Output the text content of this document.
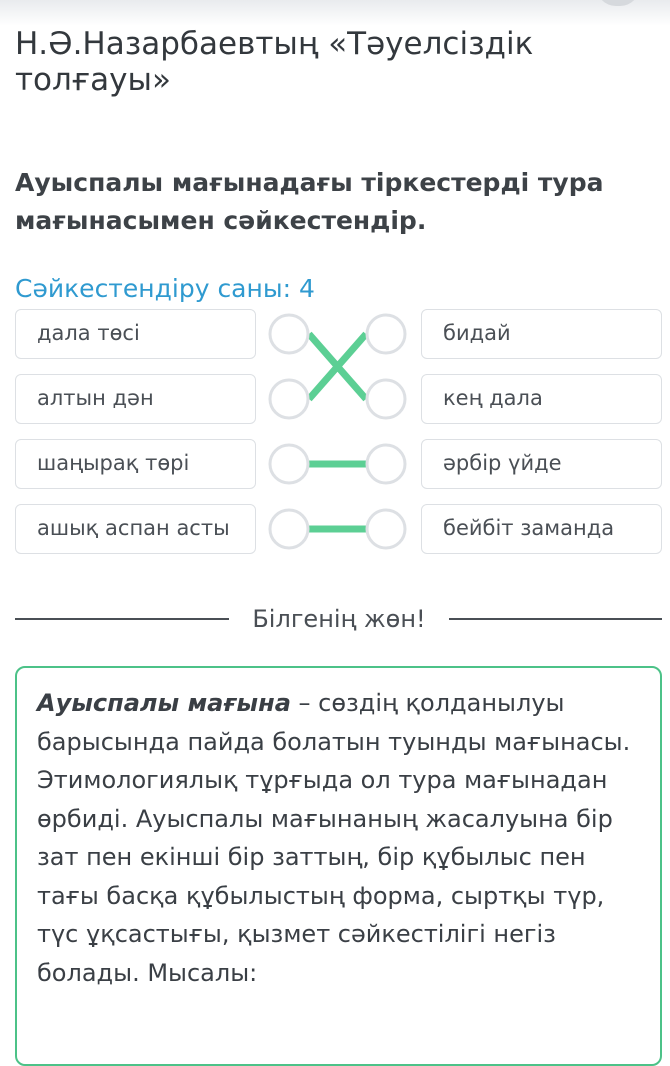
Н.Ә.Назарбаевтың «Тәуелсіздік толғауы»
Ауыспалы мағынадағы тіркестерді тура мағынасымен сәйкестендір.

Сәйкестендіру саны: 4

дала төсі
алтын дән
шаңырақ төрі
ашық аспан асты
бидай
кең дала
әрбір үйде
бейбіт заманда
Білгенің жөн!

Ауыспалы мағына – сөздің қолданылуы барысында пайда болатын туынды мағынасы. Этимологиялық тұрғыда ол тура мағынадан өрбиді. Ауыспалы мағынаның жасалуына бір зат пен екінші бір заттың, бір құбылыс пен тағы басқа құбылыстың форма, сыртқы түр, түс ұқсастығы, қызмет сәйкестілігі негіз болады. Мысалы:
